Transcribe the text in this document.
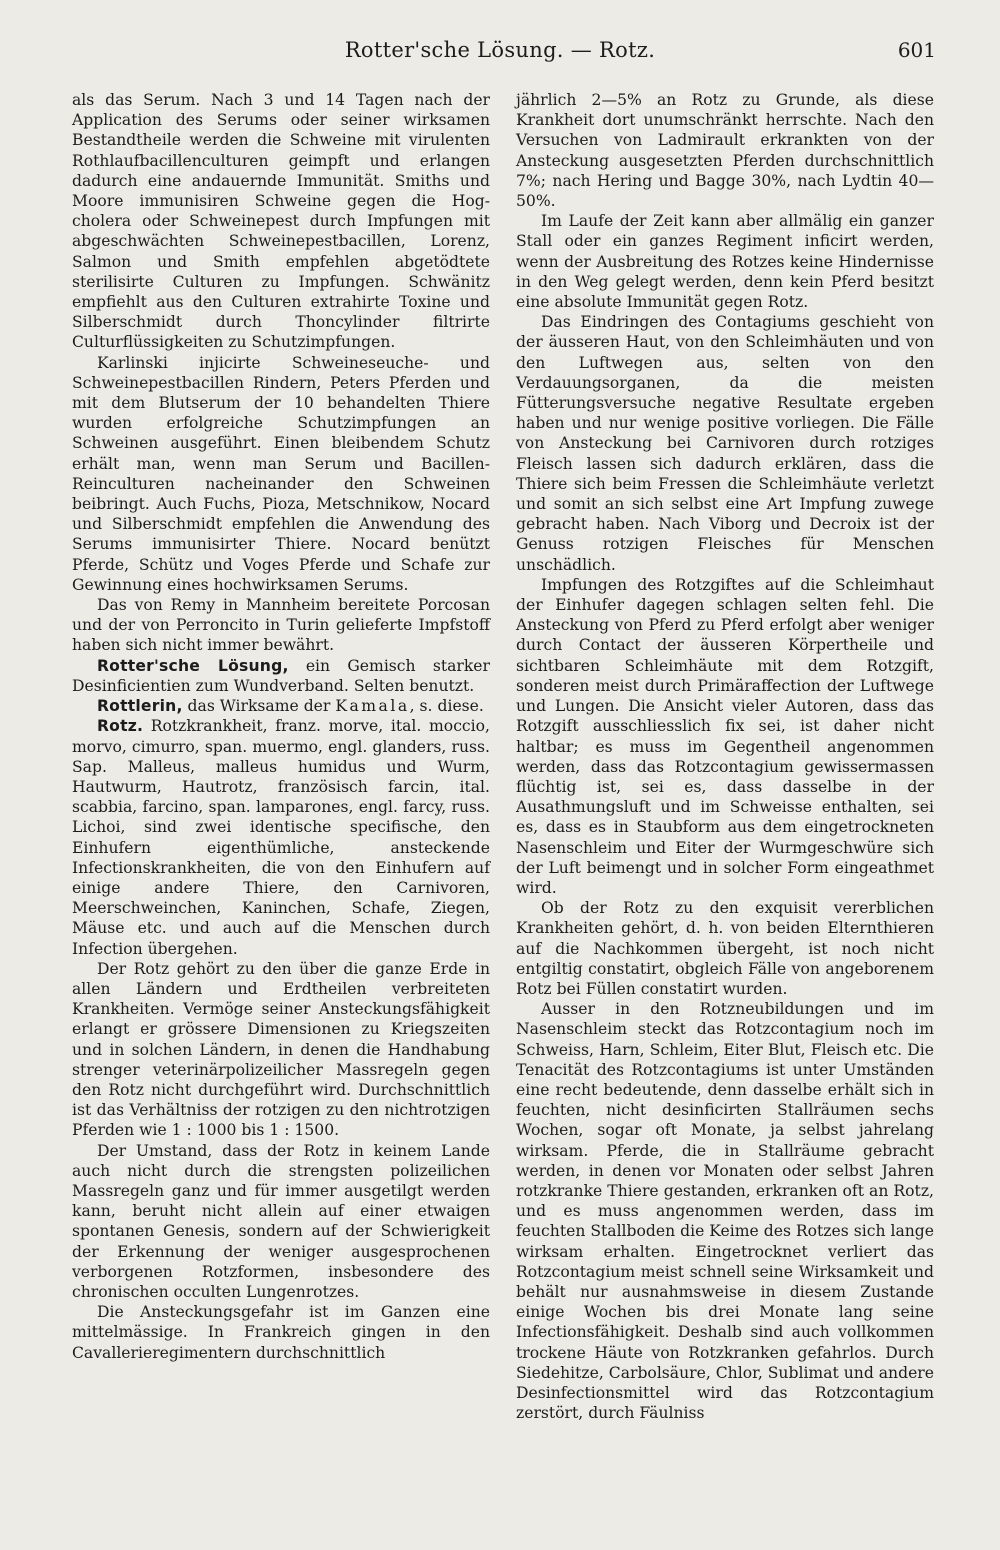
Rotter'sche Lösung. — Rotz.	601

als das Serum. Nach 3 und 14 Tagen nach der Application des Serums oder seiner wirksamen Bestandtheile werden die Schweine mit virulenten Rothlaufbacillenculturen geimpft und erlangen dadurch eine andauernde Immunität. Smiths und Moore immunisiren Schweine gegen die Hog-cholera oder Schweinepest durch Impfungen mit abgeschwächten Schweinepestbacillen, Lorenz, Salmon und Smith empfehlen abgetödtete sterilisirte Culturen zu Impfungen. Schwänitz empfiehlt aus den Culturen extrahirte Toxine und Silberschmidt durch Thoncylinder filtrirte Culturflüssigkeiten zu Schutzimpfungen.

Karlinski injicirte Schweineseuche- und Schweinepestbacillen Rindern, Peters Pferden und mit dem Blutserum der 10 behandelten Thiere wurden erfolgreiche Schutzimpfungen an Schweinen ausgeführt. Einen bleibendem Schutz erhält man, wenn man Serum und Bacillen-Reinculturen nacheinander den Schweinen beibringt. Auch Fuchs, Pioza, Metschnikow, Nocard und Silberschmidt empfehlen die Anwendung des Serums immunisirter Thiere. Nocard benützt Pferde, Schütz und Voges Pferde und Schafe zur Gewinnung eines hochwirksamen Serums.

Das von Remy in Mannheim bereitete Porcosan und der von Perroncito in Turin gelieferte Impfstoff haben sich nicht immer bewährt.

Rotter'sche Lösung, ein Gemisch starker Desinficientien zum Wundverband. Selten benutzt.

Rottlerin, das Wirksame der Kamala, s. diese.

Rotz. Rotzkrankheit, franz. morve, ital. moccio, morvo, cimurro, span. muermo, engl. glanders, russ. Sap. Malleus, malleus humidus und Wurm, Hautwurm, Hautrotz, französisch farcin, ital. scabbia, farcino, span. lamparones, engl. farcy, russ. Lichoi, sind zwei identische specifische, den Einhufern eigenthümliche, ansteckende Infectionskrankheiten, die von den Einhufern auf einige andere Thiere, den Carnivoren, Meerschweinchen, Kaninchen, Schafe, Ziegen, Mäuse etc. und auch auf die Menschen durch Infection übergehen.

Der Rotz gehört zu den über die ganze Erde in allen Ländern und Erdtheilen verbreiteten Krankheiten. Vermöge seiner Ansteckungsfähigkeit erlangt er grössere Dimensionen zu Kriegszeiten und in solchen Ländern, in denen die Handhabung strenger veterinärpolizeilicher Massregeln gegen den Rotz nicht durchgeführt wird. Durchschnittlich ist das Verhältniss der rotzigen zu den nichtrotzigen Pferden wie 1 : 1000 bis 1 : 1500.

Der Umstand, dass der Rotz in keinem Lande auch nicht durch die strengsten polizeilichen Massregeln ganz und für immer ausgetilgt werden kann, beruht nicht allein auf einer etwaigen spontanen Genesis, sondern auf der Schwierigkeit der Erkennung der weniger ausgesprochenen verborgenen Rotzformen, insbesondere des chronischen occulten Lungenrotzes.

Die Ansteckungsgefahr ist im Ganzen eine mittelmässige. In Frankreich gingen in den Cavallerieregimentern durchschnittlich

jährlich 2—5% an Rotz zu Grunde, als diese Krankheit dort unumschränkt herrschte. Nach den Versuchen von Ladmirault erkrankten von der Ansteckung ausgesetzten Pferden durchschnittlich 7%; nach Hering und Bagge 30%, nach Lydtin 40—50%.

Im Laufe der Zeit kann aber allmälig ein ganzer Stall oder ein ganzes Regiment inficirt werden, wenn der Ausbreitung des Rotzes keine Hindernisse in den Weg gelegt werden, denn kein Pferd besitzt eine absolute Immunität gegen Rotz.

Das Eindringen des Contagiums geschieht von der äusseren Haut, von den Schleimhäuten und von den Luftwegen aus, selten von den Verdauungsorganen, da die meisten Fütterungsversuche negative Resultate ergeben haben und nur wenige positive vorliegen. Die Fälle von Ansteckung bei Carnivoren durch rotziges Fleisch lassen sich dadurch erklären, dass die Thiere sich beim Fressen die Schleimhäute verletzt und somit an sich selbst eine Art Impfung zuwege gebracht haben. Nach Viborg und Decroix ist der Genuss rotzigen Fleisches für Menschen unschädlich.

Impfungen des Rotzgiftes auf die Schleimhaut der Einhufer dagegen schlagen selten fehl. Die Ansteckung von Pferd zu Pferd erfolgt aber weniger durch Contact der äusseren Körpertheile und sichtbaren Schleimhäute mit dem Rotzgift, sonderen meist durch Primäraffection der Luftwege und Lungen. Die Ansicht vieler Autoren, dass das Rotzgift ausschliesslich fix sei, ist daher nicht haltbar; es muss im Gegentheil angenommen werden, dass das Rotzcontagium gewissermassen flüchtig ist, sei es, dass dasselbe in der Ausathmungsluft und im Schweisse enthalten, sei es, dass es in Staubform aus dem eingetrockneten Nasenschleim und Eiter der Wurmgeschwüre sich der Luft beimengt und in solcher Form eingeathmet wird.

Ob der Rotz zu den exquisit vererblichen Krankheiten gehört, d. h. von beiden Elternthieren auf die Nachkommen übergeht, ist noch nicht entgiltig constatirt, obgleich Fälle von angeborenem Rotz bei Füllen constatirt wurden.

Ausser in den Rotzneubildungen und im Nasenschleim steckt das Rotzcontagium noch im Schweiss, Harn, Schleim, Eiter Blut, Fleisch etc. Die Tenacität des Rotzcontagiums ist unter Umständen eine recht bedeutende, denn dasselbe erhält sich in feuchten, nicht desinficirten Stallräumen sechs Wochen, sogar oft Monate, ja selbst jahrelang wirksam. Pferde, die in Stallräume gebracht werden, in denen vor Monaten oder selbst Jahren rotzkranke Thiere gestanden, erkranken oft an Rotz, und es muss angenommen werden, dass im feuchten Stallboden die Keime des Rotzes sich lange wirksam erhalten. Eingetrocknet verliert das Rotzcontagium meist schnell seine Wirksamkeit und behält nur ausnahmsweise in diesem Zustande einige Wochen bis drei Monate lang seine Infectionsfähigkeit. Deshalb sind auch vollkommen trockene Häute von Rotzkranken gefahrlos. Durch Siedehitze, Carbolsäure, Chlor, Sublimat und andere Desinfectionsmittel wird das Rotzcontagium zerstört, durch Fäulniss
